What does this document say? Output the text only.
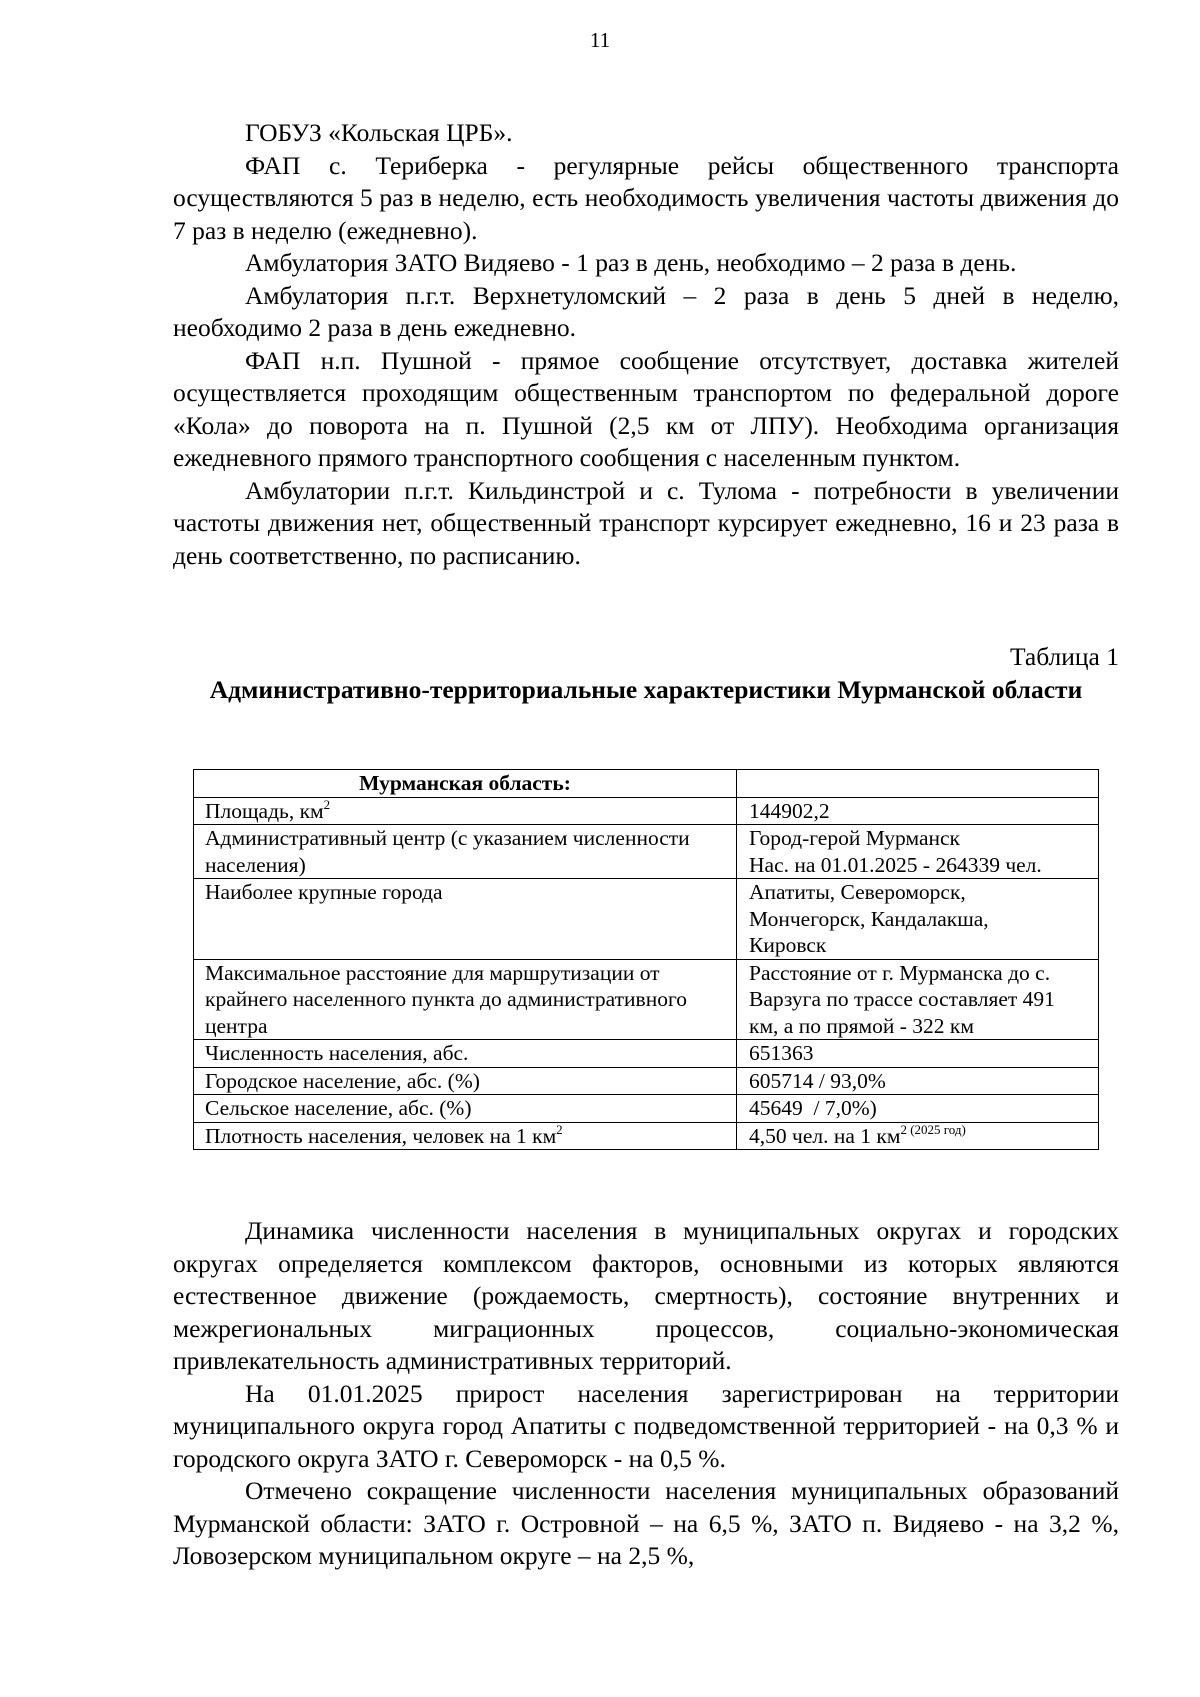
11

ГОБУЗ «Кольская ЦРБ».

ФАП с. Териберка - регулярные рейсы общественного транспорта осуществляются 5 раз в неделю, есть необходимость увеличения частоты движения до 7 раз в неделю (ежедневно).

Амбулатория ЗАТО Видяево - 1 раз в день, необходимо – 2 раза в день.

Амбулатория п.г.т. Верхнетуломский – 2 раза в день 5 дней в неделю, необходимо 2 раза в день ежедневно.

ФАП н.п. Пушной - прямое сообщение отсутствует, доставка жителей осуществляется проходящим общественным транспортом по федеральной дороге «Кола» до поворота на п. Пушной (2,5 км от ЛПУ). Необходима организация ежедневного прямого транспортного сообщения с населенным пунктом.

Амбулатории п.г.т. Кильдинстрой и с. Тулома - потребности в увеличении частоты движения нет, общественный транспорт курсирует ежедневно, 16 и 23 раза в день соответственно, по расписанию.

Таблица 1
Административно-территориальные характеристики Мурманской области
Мурманская область:	
Площадь, $км^2$	144902,2
Административный центр (с указанием численности населения)	Город-герой Мурманск
Нас. на 01.01.2025 - 264339 чел.

Наиболее крупные города	Апатиты, Североморск,
Мончегорск, Кандалакша,
Кировск

Максимальное расстояние для маршрутизации от крайнего населенного пункта до административного центра	Расстояние от г. Мурманска до с. Варзуга по трассе составляет 491 км, а по прямой - 322 км
Численность населения, абс.	651363
Городское население, абс. (%)	605714 / 93,0%
Сельское население, абс. (%)	45649  / 7,0%)
Плотность населения, человек на 1 $км^2$	4,50 чел. на 1 $км^{2 (2025 год)}$

Динамика численности населения в муниципальных округах и городских округах определяется комплексом факторов, основными из которых являются естественное движение (рождаемость, смертность), состояние внутренних и межрегиональных миграционных процессов, социально-экономическая привлекательность административных территорий.

На 01.01.2025 прирост населения зарегистрирован на территории муниципального округа город Апатиты с подведомственной территорией - на 0,3 % и городского округа ЗАТО г. Североморск - на 0,5 %.

Отмечено сокращение численности населения муниципальных образований Мурманской области: ЗАТО г. Островной – на 6,5 %, ЗАТО п. Видяево - на 3,2 %, Ловозерском муниципальном округе – на 2,5 %,
